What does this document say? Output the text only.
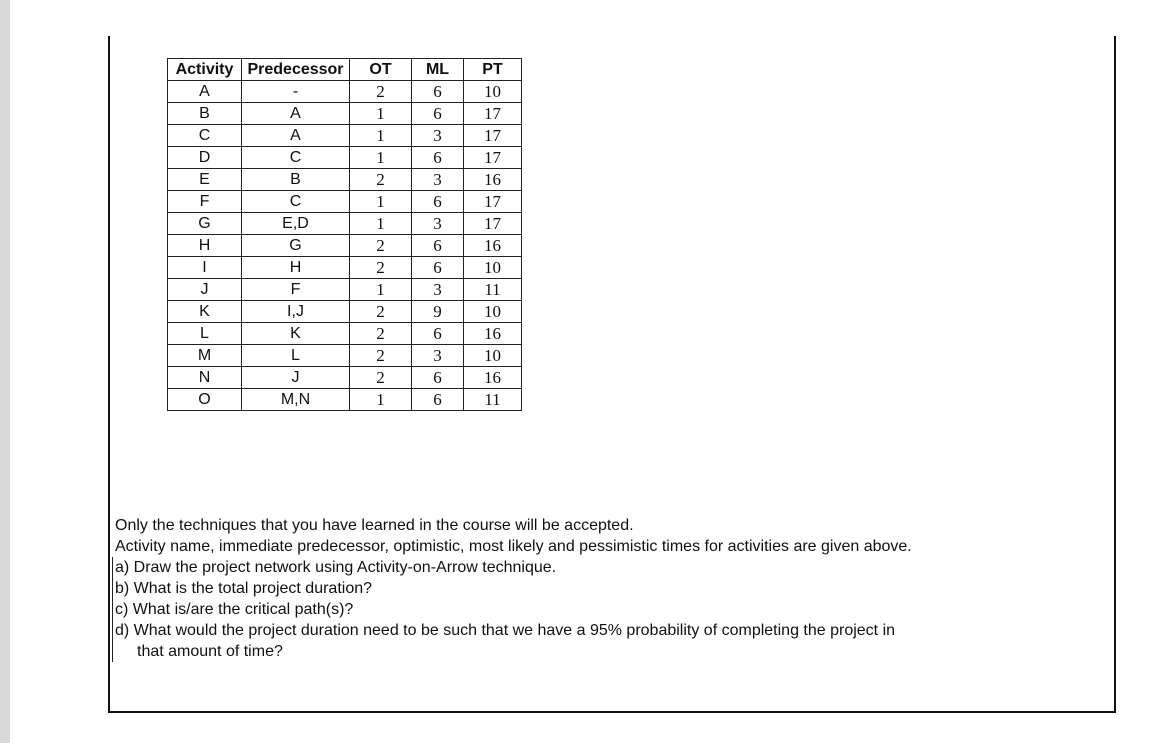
Activity	Predecessor	OT	ML	PT
A	-	2	6	10
B	A	1	6	17
C	A	1	3	17
D	C	1	6	17
E	B	2	3	16
F	C	1	6	17
G	E,D	1	3	17
H	G	2	6	16
I	H	2	6	10
J	F	1	3	11
K	I,J	2	9	10
L	K	2	6	16
M	L	2	3	10
N	J	2	6	16
O	M,N	1	6	11

Only the techniques that you have learned in the course will be accepted.

Activity name, immediate predecessor, optimistic, most likely and pessimistic times for activities are given above.

a) Draw the project network using Activity-on-Arrow technique.

b) What is the total project duration?

c) What is/are the critical path(s)?

d) What would the project duration need to be such that we have a 95% probability of completing the project in

that amount of time?
